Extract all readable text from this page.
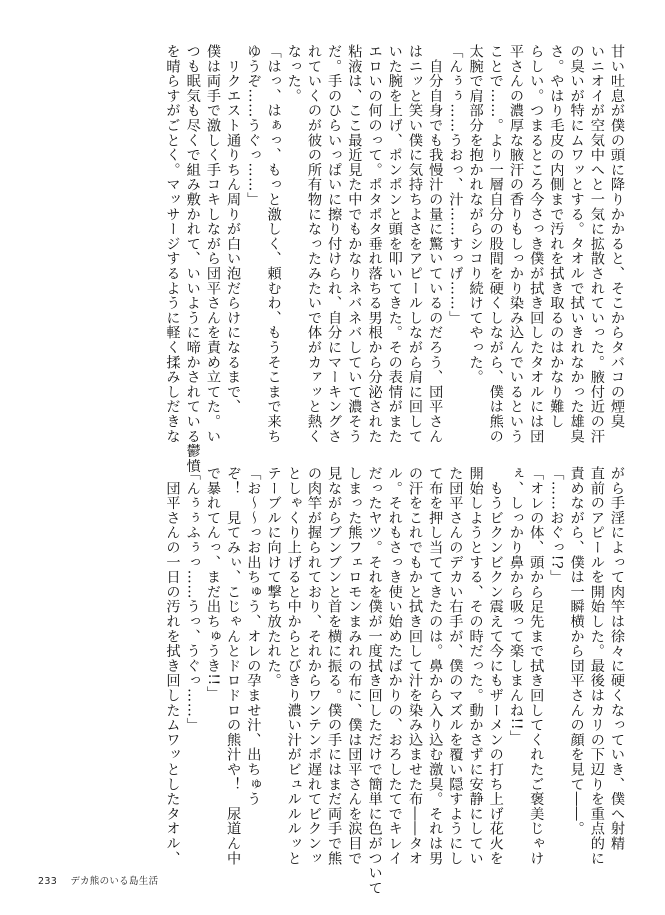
甘い吐息が僕の頭に降りかかると、そこからタバコの煙臭
いニオイが空気中へと一気に拡散されていった。腋付近の汗
の臭いが特にムワッとする。タオルで拭いきれなかった雄臭
さ。やはり毛皮の内側まで汚れを拭き取るのはかなり難し
らしい。つまるところ今さっき僕が拭き回したタオルには団
平さんの濃厚な腋汗の香りもしっかり染み込んでいるという
ことで……。より一層自分の股間を硬くしながら、僕は熊の
太腕で肩部分を抱かれながらシコり続けてやった。
「んぅぅ……うおっ、汁……すっげ……」
　自分自身でも我慢汁の量に驚いているのだろう、団平さん
はニッと笑い僕に気持ちよさをアピールしながら肩に回して
いた腕を上げ、ポンポンと頭を叩いてきた。その表情がまた
エロいの何のって。ポタポタ垂れ落ちる男根から分泌された
粘液は、ここ最近見た中でもかなりネバネバしていて濃そう
だ。手のひらいっぱいに擦り付けられ、自分にマーキングさ
れていくのが彼の所有物になったみたいで体がカァッと熱く
なった。
「はっ、はぁっ、もっと激しく、頼むわ、もうそこまで来ち
ゆうぞ……うぐっ……」
　リクエスト通りちん周りが白い泡だらけになるまで、
僕は両手で激しく手コキしながら団平さんを責め立てた。い
つも眠気も尽くで組み敷かれて、いいように啼かされている鬱憤
を晴らすがごとく。マッサージするように軽く揉みしだきな
がら手淫によって肉竿は徐々に硬くなっていき、僕へ射精
直前のアピールを開始した。最後はカリの下辺りを重点的に
責めながら、僕は一瞬横から団平さんの顔を見て――。
「……おぐっ!?」
「オレの体、頭から足先まで拭き回してくれたご褒美じゃけ
ぇ、しっかり鼻から吸って楽しまんね!!」
　もうビクンビクン震えて今にもザーメンの打ち上げ花火を
開始しようとする、その時だった。動かさずに安静にしてい
た団平さんのデカい右手が、僕のマズルを覆い隠すようにし
て布を押し当ててきたのは。鼻から入り込む激臭。それは男
の汗をこれでもかと拭き回して汁を染み込ませた布――タオ
ル。それもさっき使い始めたばかりの、おろしたてでキレイ
だったヤツ。それを僕が一度拭き回しただけで簡単に色がついて
しまった熊フェロモンまみれの布に、僕は団平さんを涙目で
見ながらブンブンと首を横に振る。僕の手にはまだ両手で熊
の肉竿が握られており、それからワンテンポ遅れてビクンッ
としゃくり上げると中からとびきり濃い汁がビュルルルッと
テーブルに向けて撃ち放たれた。
「お～～っお出ちゅう、オレの孕ませ汁、出ちゅう
ぞ！　見てみぃ、こじゃんとドロドロの熊汁や！　尿道ん中
で暴れてんっ、まだ出ちゅうき!!」
「んぅぅふぅっ……うっ、うぐっ……」
　団平さんの一日の汚れを拭き回したムワッとしたタオル、
233 デカ熊のいる島生活
